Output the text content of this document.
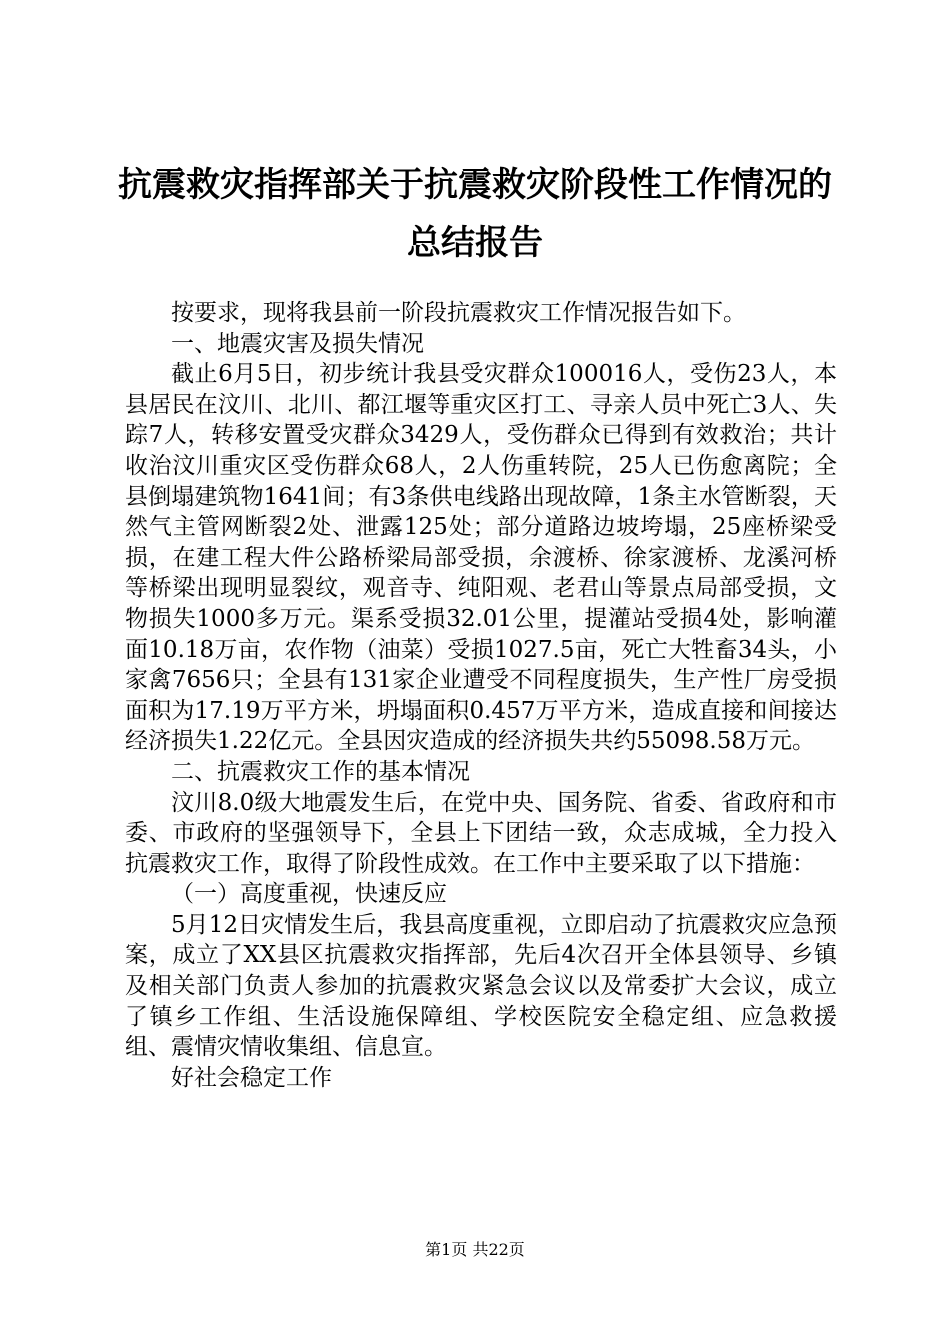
抗震救灾指挥部关于抗震救灾阶段性工作情况的总结报告

按要求，现将我县前一阶段抗震救灾工作情况报告如下。

一、地震灾害及损失情况

截止6月5日，初步统计我县受灾群众100016人，受伤23人，本县居民在汶川、北川、都江堰等重灾区打工、寻亲人员中死亡3人、失踪7人，转移安置受灾群众3429人，受伤群众已得到有效救治；共计收治汶川重灾区受伤群众68人，2人伤重转院，25人已伤愈离院；全县倒塌建筑物1641间；有3条供电线路出现故障，1条主水管断裂，天然气主管网断裂2处、泄露125处；部分道路边坡垮塌，25座桥梁受损，在建工程大件公路桥梁局部受损，余渡桥、徐家渡桥、龙溪河桥等桥梁出现明显裂纹，观音寺、纯阳观、老君山等景点局部受损，文物损失1000多万元。渠系受损32.01公里，提灌站受损4处，影响灌面10.18万亩，农作物（油菜）受损1027.5亩，死亡大牲畜34头，小家禽7656只；全县有131家企业遭受不同程度损失，生产性厂房受损面积为17.19万平方米，坍塌面积0.457万平方米，造成直接和间接达经济损失1.22亿元。全县因灾造成的经济损失共约55098.58万元。

二、抗震救灾工作的基本情况

汶川8.0级大地震发生后，在党中央、国务院、省委、省政府和市委、市政府的坚强领导下，全县上下团结一致，众志成城，全力投入抗震救灾工作，取得了阶段性成效。在工作中主要采取了以下措施：

（一）高度重视，快速反应

5月12日灾情发生后，我县高度重视，立即启动了抗震救灾应急预案，成立了XX县区抗震救灾指挥部，先后4次召开全体县领导、乡镇及相关部门负责人参加的抗震救灾紧急会议以及常委扩大会议，成立了镇乡工作组、生活设施保障组、学校医院安全稳定组、应急救援组、震情灾情收集组、信息宣。

好社会稳定工作

第1页 共22页
